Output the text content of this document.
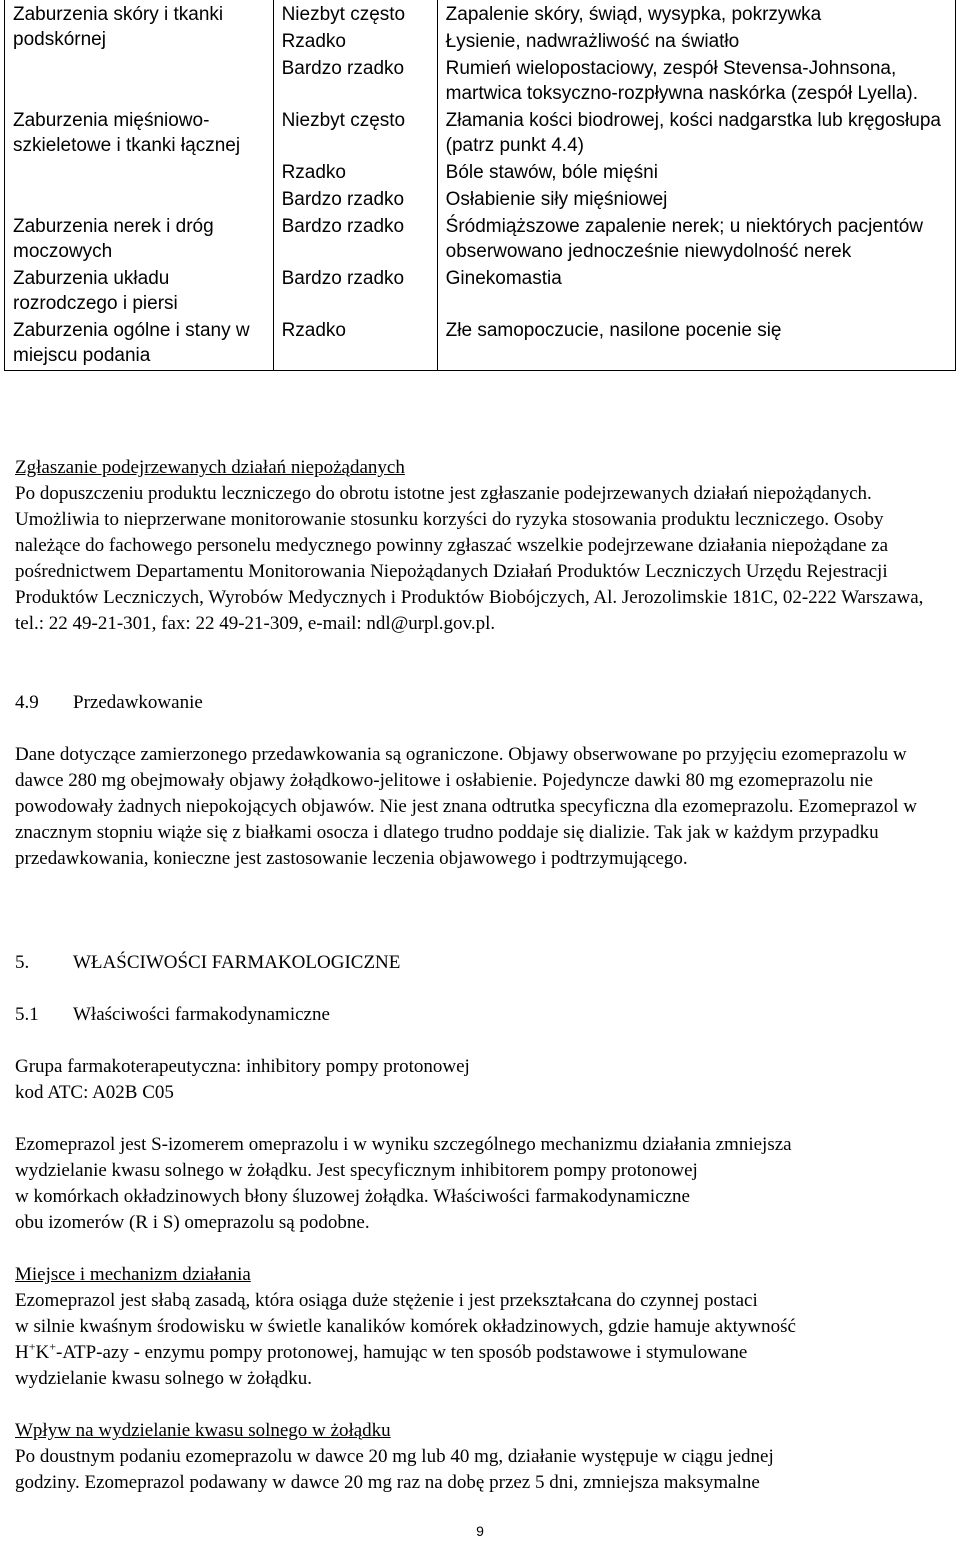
Zaburzenia skóry i tkanki podskórnej	Niezbyt często	Zapalenie skóry, świąd, wysypka, pokrzywka
	Rzadko	Łysienie, nadwrażliwość na światło
	Bardzo rzadko	Rumień wielopostaciowy, zespół Stevensa-Johnsona, martwica toksyczno-rozpływna naskórka (zespół Lyella).
Zaburzenia mięśniowo-szkieletowe i tkanki łącznej	Niezbyt często	Złamania kości biodrowej, kości nadgarstka lub kręgosłupa (patrz punkt 4.4)
	Rzadko	Bóle stawów, bóle mięśni
	Bardzo rzadko	Osłabienie siły mięśniowej
Zaburzenia nerek i dróg moczowych	Bardzo rzadko	Śródmiąższowe zapalenie nerek; u niektórych pacjentów obserwowano jednocześnie niewydolność nerek
Zaburzenia układu rozrodczego i piersi	Bardzo rzadko	Ginekomastia
Zaburzenia ogólne i stany w miejscu podania	Rzadko	Złe samopoczucie, nasilone pocenie się

Zgłaszanie podejrzewanych działań niepożądanych

Po dopuszczeniu produktu leczniczego do obrotu istotne jest zgłaszanie podejrzewanych działań niepożądanych. Umożliwia to nieprzerwane monitorowanie stosunku korzyści do ryzyka stosowania produktu leczniczego. Osoby należące do fachowego personelu medycznego powinny zgłaszać wszelkie podejrzewane działania niepożądane za pośrednictwem Departamentu Monitorowania Niepożądanych Działań Produktów Leczniczych Urzędu Rejestracji Produktów Leczniczych, Wyrobów Medycznych i Produktów Biobójczych, Al. Jerozolimskie 181C, 02-222 Warszawa, tel.: 22 49-21-301, fax: 22 49-21-309, e-mail: ndl@urpl.gov.pl.

4.9 Przedawkowanie

Dane dotyczące zamierzonego przedawkowania są ograniczone. Objawy obserwowane po przyjęciu ezomeprazolu w dawce 280 mg obejmowały objawy żołądkowo-jelitowe i osłabienie. Pojedyncze dawki 80 mg ezomeprazolu nie powodowały żadnych niepokojących objawów. Nie jest znana odtrutka specyficzna dla ezomeprazolu. Ezomeprazol w znacznym stopniu wiąże się z białkami osocza i dlatego trudno poddaje się dializie. Tak jak w każdym przypadku przedawkowania, konieczne jest zastosowanie leczenia objawowego i podtrzymującego.

5. WŁAŚCIWOŚCI FARMAKOLOGICZNE
5.1 Właściwości farmakodynamiczne

Grupa farmakoterapeutyczna: inhibitory pompy protonowej

kod ATC: A02B C05

Ezomeprazol jest S-izomerem omeprazolu i w wyniku szczególnego mechanizmu działania zmniejsza

wydzielanie kwasu solnego w żołądku. Jest specyficznym inhibitorem pompy protonowej

w komórkach okładzinowych błony śluzowej żołądka. Właściwości farmakodynamiczne

obu izomerów (R i S) omeprazolu są podobne.

Miejsce i mechanizm działania

Ezomeprazol jest słabą zasadą, która osiąga duże stężenie i jest przekształcana do czynnej postaci

w silnie kwaśnym środowisku w świetle kanalików komórek okładzinowych, gdzie hamuje aktywność

H+K+-ATP-azy - enzymu pompy protonowej, hamując w ten sposób podstawowe i stymulowane

wydzielanie kwasu solnego w żołądku.

Wpływ na wydzielanie kwasu solnego w żołądku

Po doustnym podaniu ezomeprazolu w dawce 20 mg lub 40 mg, działanie występuje w ciągu jednej

godziny. Ezomeprazol podawany w dawce 20 mg raz na dobę przez 5 dni, zmniejsza maksymalne

9
